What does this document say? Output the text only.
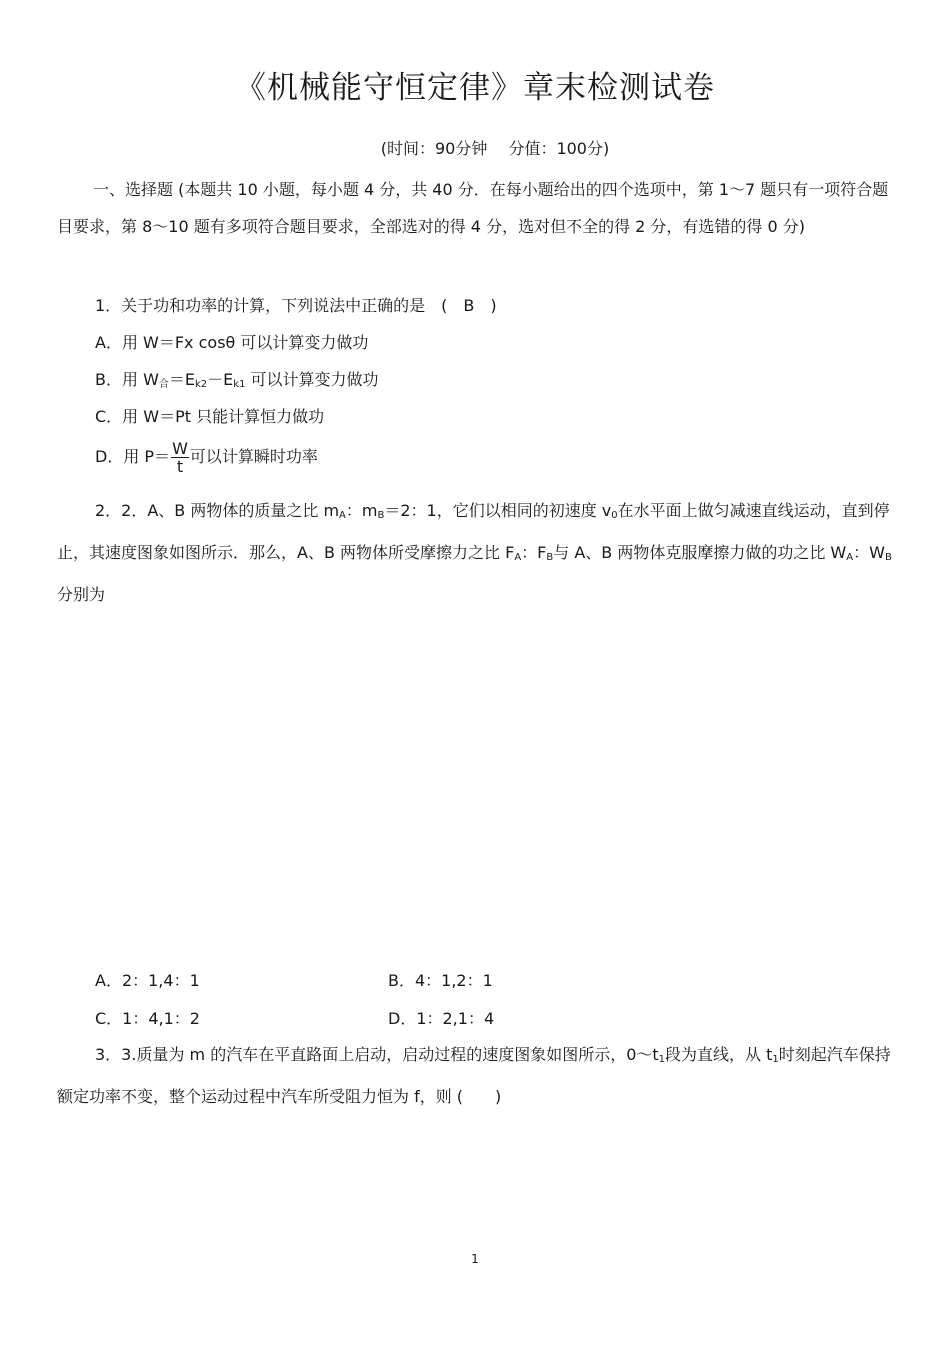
《机械能守恒定律》章末检测试卷
(时间：90分钟　 分值：100分)
一、选择题 (本题共 10 小题，每小题 4 分，共 40 分．在每小题给出的四个选项中，第 1～7 题只有一项符合题目要求，第 8～10 题有多项符合题目要求，全部选对的得 4 分，选对但不全的得 2 分，有选错的得 0 分)
1．关于功和功率的计算，下列说法中正确的是　(　B　)
A．用 W＝Fx cosθ 可以计算变力做功
B．用 $W_合=E_{k2}-E_{k1}$ 可以计算变力做功
C．用 W＝Pt 只能计算恒力做功
D．用 $P= \frac{W}{t}$ 可以计算瞬时功率
2．2．A、B 两物体的质量之比 $m_A$：$m_B=2$：1，它们以相同的初速度 $v_0$在水平面上做匀减速直线运动，直到停止，其速度图象如图所示．那么，A、B 两物体所受摩擦力之比 $F_A$：$F_B$与 A、B 两物体克服摩擦力做的功之比 $W_A$：$W_B$分别为
A．2：1,4：1	B．4：1,2：1
C．1：4,1：2	D．1：2,1：4
3．3.质量为 m 的汽车在平直路面上启动，启动过程的速度图象如图所示，$0\sim t_1$段为直线，从 $t_1$时刻起汽车保持额定功率不变，整个运动过程中汽车所受阻力恒为 f，则 (　　)
1
